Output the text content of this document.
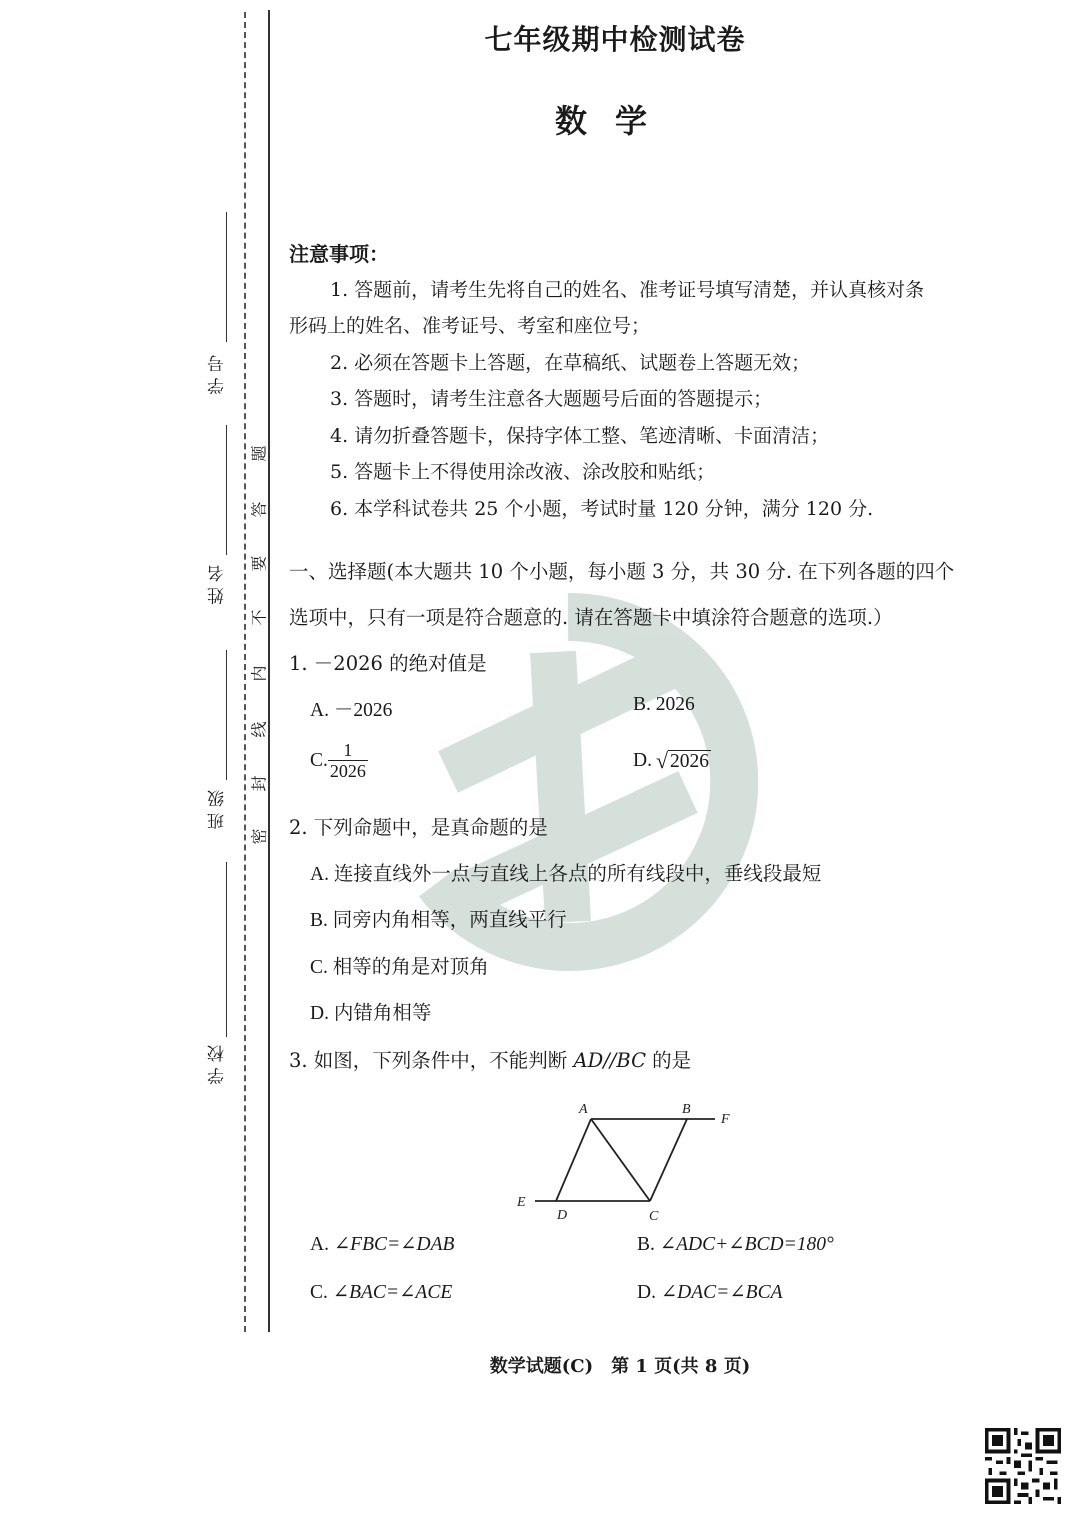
学 号
姓 名
班 级
学 校
密
封
线
内
不
要
答
题
七年级期中检测试卷
数学
注意事项：
1. 答题前，请考生先将自己的姓名、准考证号填写清楚，并认真核对条
形码上的姓名、准考证号、考室和座位号；
2. 必须在答题卡上答题，在草稿纸、试题卷上答题无效；
3. 答题时，请考生注意各大题题号后面的答题提示；
4. 请勿折叠答题卡，保持字体工整、笔迹清晰、卡面清洁；
5. 答题卡上不得使用涂改液、涂改胶和贴纸；
6. 本学科试卷共 25 个小题，考试时量 120 分钟，满分 120 分.
一、选择题(本大题共 10 个小题，每小题 3 分，共 30 分. 在下列各题的四个
选项中，只有一项是符合题意的. 请在答题卡中填涂符合题意的选项.）
1. －2026 的绝对值是
A. －2026	B. 2026
C. $\frac{1}{2026}$	D. √ 2026
2. 下列命题中，是真命题的是
A. 连接直线外一点与直线上各点的所有线段中，垂线段最短
B. 同旁内角相等，两直线平行
C. 相等的角是对顶角
D. 内错角相等
3. 如图，下列条件中，不能判断 AD//BC 的是
A	B
F
E
D	C
A. ∠FBC=∠DAB	B. ∠ADC+∠BCD=180°
C. ∠BAC=∠ACE	D. ∠DAC=∠BCA
数学试题(C)　第 1 页(共 8 页)
